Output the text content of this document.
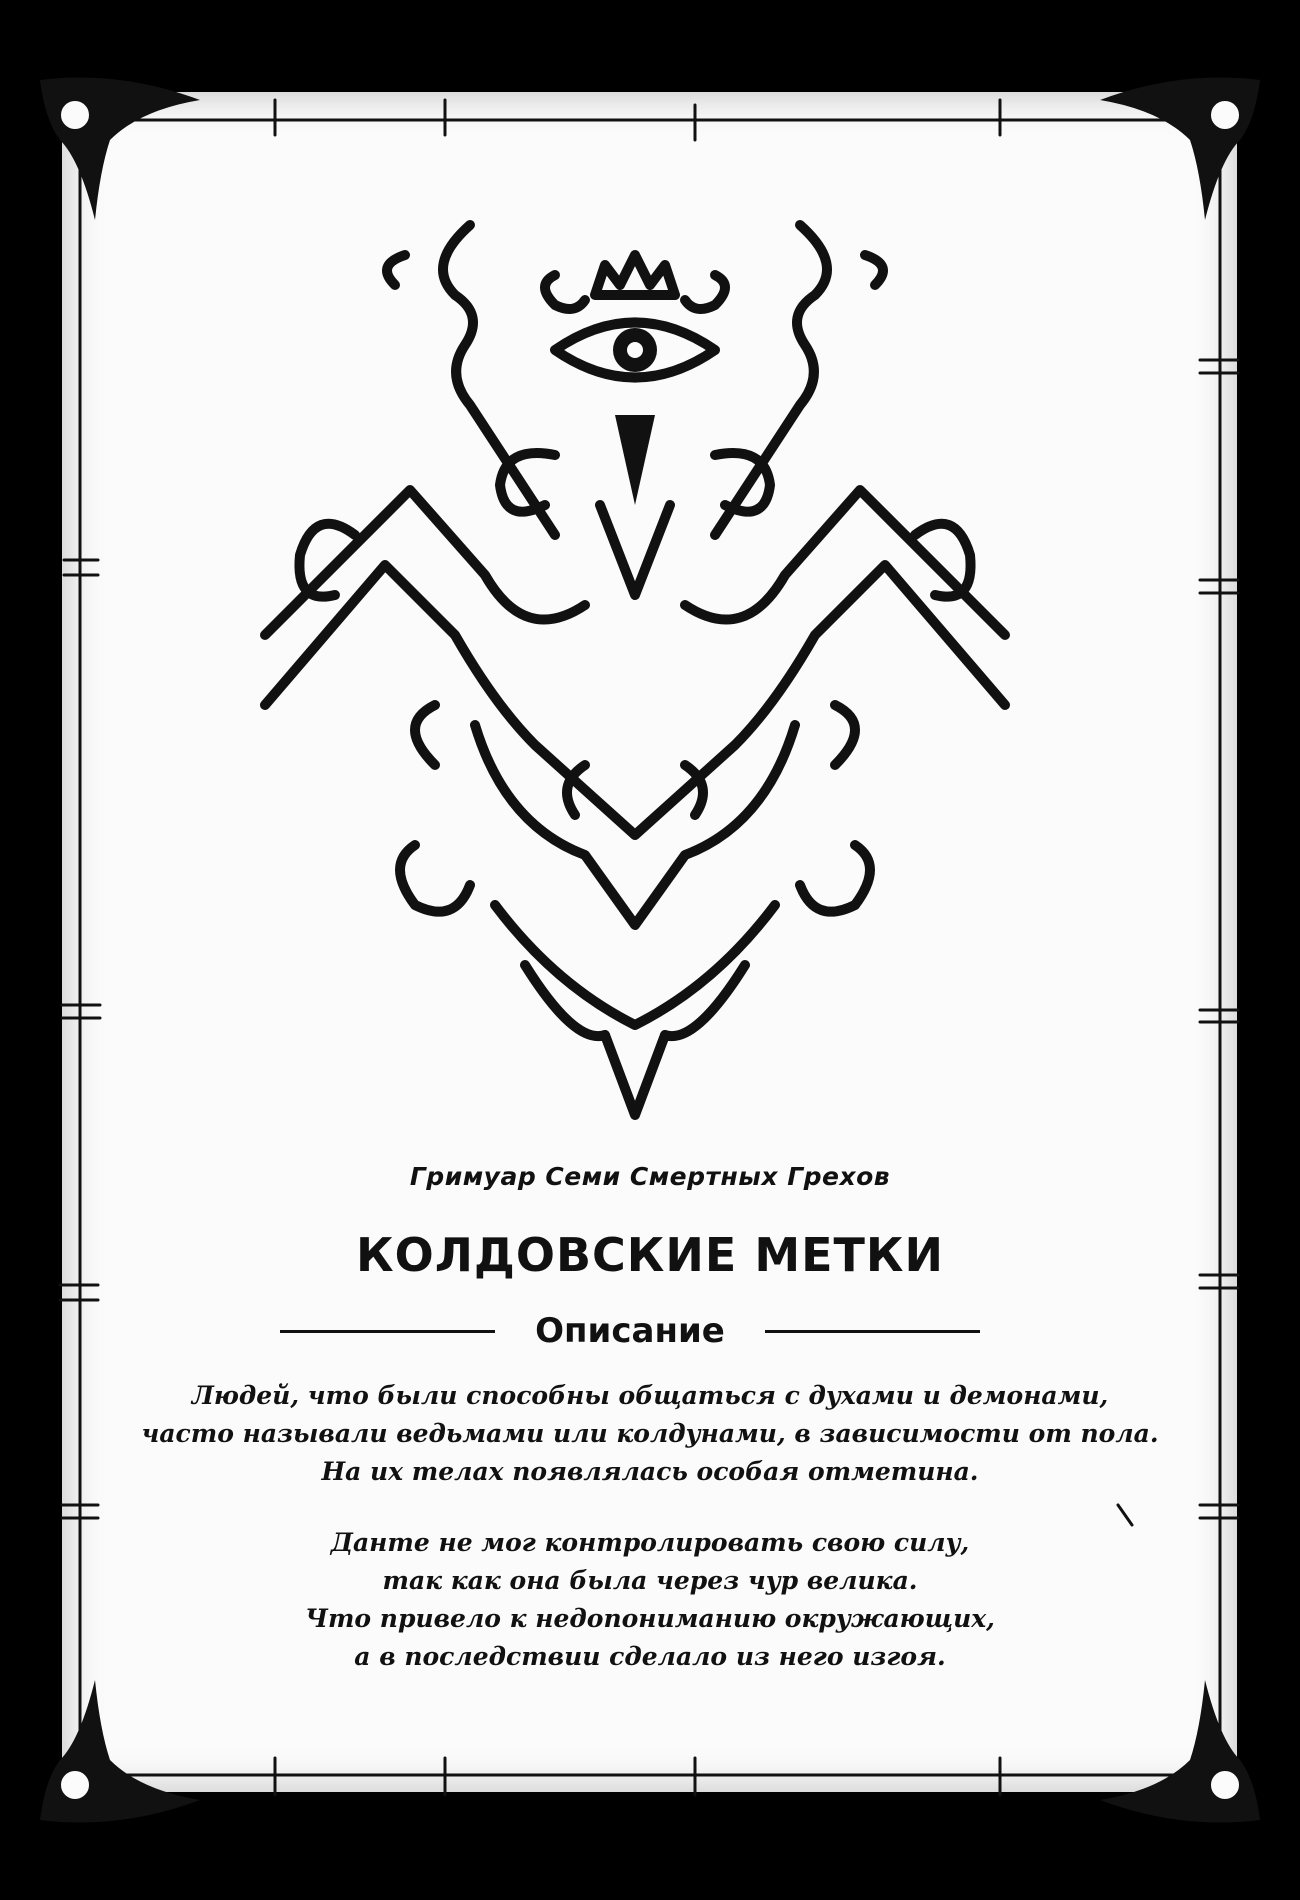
Гримуар Семи Смертных Грехов
КОЛДОВСКИЕ МЕТКИ
Описание
Людей, что были способны общаться с духами и демонами,
часто называли ведьмами или колдунами, в зависимости от пола.
На их телах появлялась особая отметина.
Данте не мог контролировать свою силу,
так как она была через чур велика.
Что привело к недопониманию окружающих,
а в последствии сделало из него изгоя.
